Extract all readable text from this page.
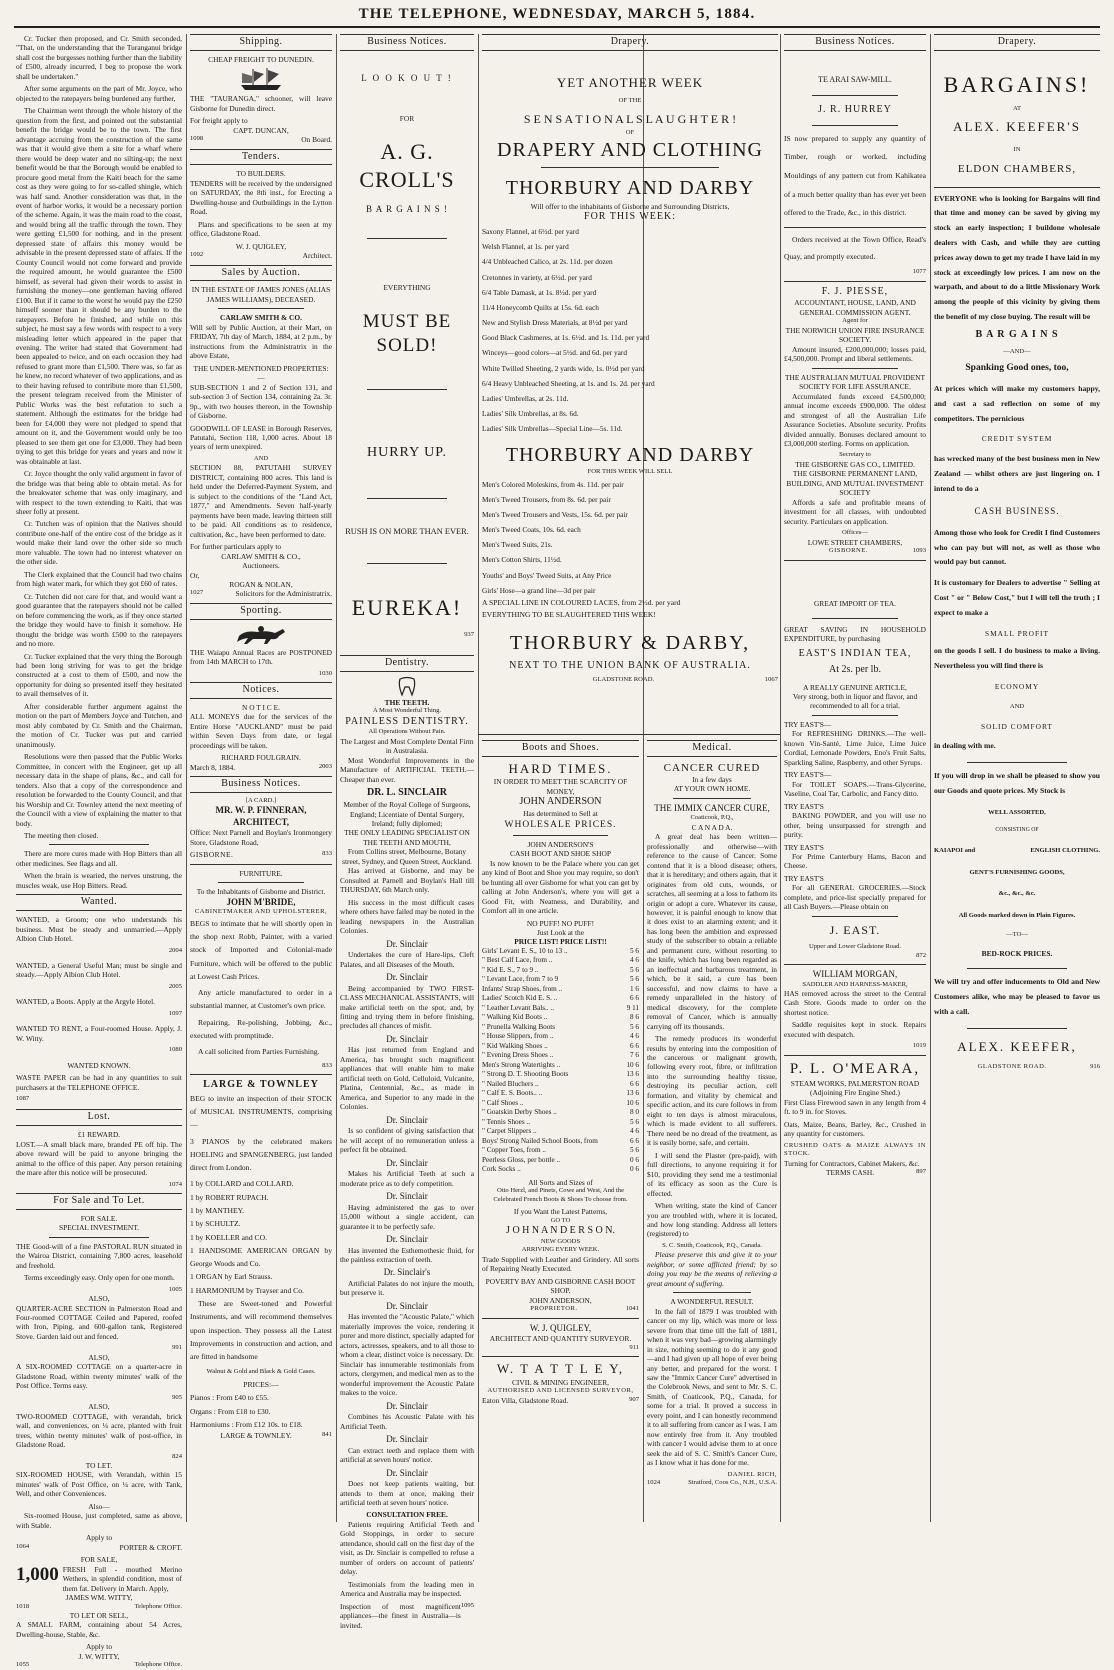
THE TELEPHONE, WEDNESDAY, MARCH 5, 1884.

Cr. Tucker then proposed, and Cr. Smith seconded, "That, on the understanding that the Turanganui bridge shall cost the burgesses nothing further than the liability of £500, already incurred, I beg to propose the work shall be undertaken."

After some arguments on the part of Mr. Joyce, who objected to the ratepayers being burdened any further,

The Chairman went through the whole history of the question from the first, and pointed out the substantial benefit the bridge would be to the town. The first advantage accruing from the construction of the same was that it would give them a site for a wharf where there would be deep water and no silting-up; the next benefit would be that the Borough would be enabled to procure good metal from the Kaiti beach for the same cost as they were going to for so-called shingle, which was half sand. Another consideration was that, in the event of harbor works, it would be a necessary portion of the scheme. Again, it was the main road to the coast, and would bring all the traffic through the town. They were getting £1,500 for nothing, and in the present depressed state of affairs this money would be advisable in the present depressed state of affairs. If the County Council would not come forward and provide the required amount, he would guarantee the £500 himself, as several had given their words to assist in furnishing the money—one gentleman having offered £100. But if it came to the worst he would pay the £250 himself sooner than it should be any burden to the ratepayers. Before he finished, and while on this subject, he must say a few words with respect to a very misleading letter which appeared in the paper that evening. The writer had stated that Government had been appealed to twice, and on each occasion they had refused to grant more than £1,500. There was, so far as he knew, no record whatever of two applications, and as to their having refused to contribute more than £1,500, the present telegram received from the Minister of Public Works was the best refutation to such a statement. Although the estimates for the bridge had been for £4,000 they were not pledged to spend that amount on it, and the Government would only be too pleased to see them get one for £3,000. They had been trying to get this bridge for years and years and now it was obtainable at last.

Cr. Joyce thought the only valid argument in favor of the bridge was that being able to obtain metal. As for the breakwater scheme that was only imaginary, and with respect to the town extending to Kaiti, that was sheer folly at present.

Cr. Tutchen was of opinion that the Natives should contribute one-half of the entire cost of the bridge as it would make their land over the other side so much more valuable. The town had no interest whatever on the other side.

The Clerk explained that the Council had two chains from high water mark, for which they got £60 of rates.

Cr. Tutchen did not care for that, and would want a good guarantee that the ratepayers should not be called on before commencing the work, as if they once started the bridge they would have to finish it somehow. He thought the bridge was worth £500 to the ratepayers and no more.

Cr. Tucker explained that the very thing the Borough had been long striving for was to get the bridge constructed at a cost to them of £500, and now the opportunity for doing so presented itself they hesitated to avail themselves of it.

After considerable further argument against the motion on the part of Members Joyce and Tutchen, and most ably combated by Cr. Smith and the Chairman, the motion of Cr. Tucker was put and carried unanimously.

Resolutions were then passed that the Public Works Committee, in concert with the Engineer, get up all necessary data in the shape of plans, &c., and call for tenders. Also that a copy of the correspondence and resolution be forwarded to the County Council, and that his Worship and Cr. Townley attend the next meeting of the Council with a view of explaining the matter to that body.

The meeting then closed.

There are more cures made with Hop Bitters than all other medicines. See flags and all.

When the brain is wearied, the nerves unstrung, the muscles weak, use Hop Bitters. Read.

Wanted.

WANTED, a Groom; one who understands his business. Must be steady and unmarried.—Apply Albion Club Hotel.

2004

WANTED, a General Useful Man; must be single and steady.—Apply Albion Club Hotel.

2005

WANTED, a Boots. Apply at the Argyle Hotel.

1097

WANTED TO RENT, a Four-roomed House. Apply, J. W. Witty.

1080
WANTED KNOWN.

WASTE PAPER can be had in any quantities to suit purchasers at the TELEPHONE OFFICE.

1087
Lost.
£1 REWARD.

LOST.—A small black mare, branded PE off hip. The above reward will be paid to anyone bringing the animal to the office of this paper. Any person retaining the mare after this notice will be prosecuted.

1074
For Sale and To Let.
FOR SALE.
SPECIAL INVESTMENT.

THE Good-will of a fine PASTORAL RUN situated in the Wairoa District, containing 7,800 acres, leasehold and freehold.

Terms exceedingly easy. Only open for one month.

1005
ALSO,

QUARTER-ACRE SECTION in Palmerston Road and Four-roomed COTTAGE Ceiled and Papered, roofed with Iron, Piping, and 600-gallon tank, Registered Stove. Garden laid out and fenced.

991
ALSO,

A SIX-ROOMED COTTAGE on a quarter-acre in Gladstone Road, within twenty minutes' walk of the Post Office. Terms easy.

905
ALSO,

TWO-ROOMED COTTAGE, with verandah, brick wall, and conveniences, on ¼ acre, planted with fruit trees, within twenty minutes' walk of post-office, in Gladstone Road.

824
TO LET.

SIX-ROOMED HOUSE, with Verandah, within 15 minutes' walk of Post Office, on ¼ acre, with Tank, Well, and other Conveniences.

Also—

Six-roomed House, just completed, same as above, with Stable.

Apply to
1064	PORTER & CROFT.
FOR SALE,
1,000 FRESH Full - mouthed Merino Wethers, in splendid condition, most of them fat. Delivery in March. Apply,
JAMES WM. WITTY,
1018	Telephone Office.
TO LET OR SELL,

A SMALL FARM, containing about 54 Acres, Dwelling-house, Stable, &c.

Apply to
J. W. WITTY,
1055	Telephone Office.
Shipping.
CHEAP FREIGHT TO DUNEDIN.

THE "TAURANGA," schooner, will leave Gisborne for Dunedin direct.

For freight apply to
CAPT. DUNCAN,
1098	On Board.
Tenders.
TO BUILDERS.

TENDERS will be received by the undersigned on SATURDAY, the 8th inst., for Erecting a Dwelling-house and Outbuildings in the Lytton Road.

Plans and specifications to be seen at my office, Gladstone Road.

W. J. QUIGLEY,
1092	Architect.
Sales by Auction.
IN THE ESTATE OF JAMES JONES (ALIAS JAMES WILLIAMS), DECEASED.
CARLAW SMITH & CO.

Will sell by Public Auction, at their Mart, on FRIDAY, 7th day of March, 1884, at 2 p.m., by instructions from the Administratrix in the above Estate,

THE UNDER-MENTIONED PROPERTIES:—

SUB-SECTION 1 and 2 of Section 131, and sub-section 3 of Section 134, containing 2a. 3r. 9p., with two houses thereon, in the Township of Gisborne.

GOODWILL OF LEASE in Borough Reserves, Patutahi, Section 118, 1,000 acres. About 18 years of term unexpired.

AND

SECTION 88, PATUTAHI SURVEY DISTRICT, containing 800 acres. This land is held under the Deferred-Payment System, and is subject to the conditions of the "Land Act, 1877," and Amendments. Seven half-yearly payments have been made, leaving thirteen still to be paid. All conditions as to residence, cultivation, &c., have been performed to date.

For further particulars apply to
CARLAW SMITH & CO.,
Auctioneers.
Or,
ROGAN & NOLAN,
1027	Solicitors for the Administratrix.
Sporting.

THE Waiapu Annual Races are POSTPONED from 14th MARCH to 17th.

1030
Notices.
N O T I C E.

ALL MONEYS due for the services of the Entire Horse "AUCKLAND" must be paid within Seven Days from date, or legal proceedings will be taken.

RICHARD FOULGRAIN.
March 8, 1884.	2003
Business Notices.
[A CARD.]
MR. W. P. FINNERAN, ARCHITECT,

Office: Next Parnell and Boylan's Ironmongery Store, Gladstone Road,

GISBORNE.	833
FURNITURE.
To the Inhabitants of Gisborne and District.
JOHN M'BRIDE,
CABINETMAKER AND UPHOLSTERER,

BEGS to intimate that he will shortly open in the shop next Robb, Painter, with a varied stock of Imported and Colonial-made Furniture, which will be offered to the public at Lowest Cash Prices.

Any article manufactured to order in a substantial manner, at Customer's own price.

Repairing, Re-polishing, Jobbing, &c., executed with promptitude.

A call solicited from Parties Furnishing.

833
LARGE & TOWNLEY

BEG to invite an inspection of their STOCK of MUSICAL INSTRUMENTS, comprising—

3 PIANOS by the celebrated makers HOELING and SPANGENBERG, just landed direct from London.

1 by COLLARD and COLLARD.
1 by ROBERT RUPACH.
1 by MANTHEY.
1 by SCHULTZ.
1 by KOELLER and CO.
1 HANDSOME AMERICAN ORGAN by George Woods and Co.
1 ORGAN by Earl Strauss.
1 HARMONIUM by Trayser and Co.

These are Sweet-toned and Powerful Instruments, and will recommend themselves upon inspection. They possess all the Latest Improvements in construction and action, and are fitted in handsome

Walnut & Gold and Black & Gold Cases.
PRICES:—
Pianos : From £40 to £55.
Organs : From £18 to £30.
Harmoniums : From £12 10s. to £18.
LARGE & TOWNLEY.	841
Business Notices.
L O O K O U T !
FOR
A. G. CROLL'S
B A R G A I N S !
EVERYTHING
MUST BE SOLD!
HURRY UP.
RUSH IS ON MORE THAN EVER.
EUREKA!
937
Dentistry.
THE TEETH.
A Most Wonderful Thing.
PAINLESS DENTISTRY.
All Operations Without Pain.
The Largest and Most Complete Dental Firm in Australasia.

Most Wonderful Improvements in the Manufacture of ARTIFICIAL TEETH.—Cheaper than ever.

DR. L. SINCLAIR
Member of the Royal College of Surgeons, England; Licentiate of Dental Surgery, Ireland; fully diplomed;
THE ONLY LEADING SPECIALIST ON THE TEETH AND MOUTH,
From Collins street, Melbourne, Botany street, Sydney, and Queen Street, Auckland.

Has arrived at Gisborne, and may be Consulted at Parnell and Boylan's Hall till THURSDAY, 6th March only.

His success in the most difficult cases where others have failed may be noted in the leading newspapers in the Australian Colonies.

Dr. Sinclair

Undertakes the cure of Hare-lips, Cleft Palates, and all Diseases of the Mouth.

Dr. Sinclair

Being accompanied by TWO FIRST-CLASS MECHANICAL ASSISTANTS, will make artificial teeth on the spot, and, by fitting and trying them in before finishing, precludes all chances of misfit.

Dr. Sinclair

Has just returned from England and America, has brought such magnificent appliances that will enable him to make artificial teeth on Gold, Celluloid, Vulcanite, Platina, Centennial, &c., as made in America, and Superior to any made in the Colonies.

Dr. Sinclair

Is so confident of giving satisfaction that he will accept of no remuneration unless a perfect fit be obtained.

Dr. Sinclair

Makes his Artificial Teeth at such a moderate price as to defy competition.

Dr. Sinclair

Having administered the gas to over 15,000 without a single accident, can guarantee it to be perfectly safe.

Dr. Sinclair

Has invented the Esthemothesic fluid, for the painless extraction of teeth.

Dr. Sinclair's

Artificial Palates do not injure the mouth, but preserve it.

Dr. Sinclair

Has invented the "Acoustic Palate," which materially improves the voice, rendering it purer and more distinct, specially adapted for actors, actresses, speakers, and to all those to whom a clear, distinct voice is necessary. Dr. Sinclair has innumerable testimonials from actors, clergymen, and medical men as to the wonderful improvement the Acoustic Palate makes to the voice.

Dr. Sinclair

Combines his Acoustic Palate with his Artificial Teeth.

Dr. Sinclair

Can extract teeth and replace them with artificial at seven hours' notice.

Dr. Sinclair

Does not keep patients waiting, but attends to them at once, making their artificial teeth at seven hours' notice.

CONSULTATION FREE.

Patients requiring Artificial Teeth and Gold Stoppings, in order to secure attendance, should call on the first day of the visit, as Dr. Sinclair is compelled to refuse a number of orders on account of patients' delay.

Testimonials from the leading men in America and Australia may be inspected.

Inspection of most magnificent appliances—the finest in Australia—is invited.
1095
Drapery.
YET ANOTHER WEEK
OF THE
S E N S A T I O N A L S L A U G H T E R !
OF
DRAPERY AND CLOTHING
THORBURY AND DARBY
Will offer to the inhabitants of Gisborne and Surrounding Districts,
FOR THIS WEEK:
Saxony Flannel, at 6½d. per yard
Welsh Flannel, at 1s. per yard
4/4 Unbleached Calico, at 2s. 11d. per dozen
Cretonnes in variety, at 6½d. per yard
6/4 Table Damask, at 1s. 8½d. per yard
11/4 Honeycomb Quilts at 15s. 6d. each
New and Stylish Dress Materials, at 8½d per yard
Good Black Cashmeres, at 1s. 6½d. and 1s. 11d. per yard
Winceys—good colors—at 5½d. and 6d. per yard
White Twilled Sheeting, 2 yards wide, 1s. 0½d per yard
6/4 Heavy Unbleached Sheeting, at 1s. and 1s. 2d. per yard
Ladies' Umbrellas, at 2s. 11d.
Ladies' Silk Umbrellas, at 8s. 6d.
Ladies' Silk Umbrellas—Special Line—5s. 11d.
THORBURY AND DARBY
FOR THIS WEEK WILL SELL
Men's Colored Moleskins, from 4s. 11d. per pair
Men's Tweed Trousers, from 8s. 6d. per pair
Men's Tweed Trousers and Vests, 15s. 6d. per pair
Men's Tweed Coats, 10s. 6d. each
Men's Tweed Suits, 21s.
Men's Cotton Shirts, 11½d.
Youths' and Boys' Tweed Suits, at Any Price
Girls' Hose—a grand line—3d per pair
A SPECIAL LINE IN COLOURED LACES, from 2½d. per yard
EVERYTHING TO BE SLAUGHTERED THIS WEEK!
THORBURY & DARBY,
NEXT TO THE UNION BANK OF AUSTRALIA.
GLADSTONE ROAD.	1067
Boots and Shoes.
HARD TIMES.
IN ORDER TO MEET THE SCARCITY OF MONEY,
JOHN ANDERSON
Has determined to Sell at
WHOLESALE PRICES.
JOHN ANDERSON'S
CASH BOOT AND SHOE SHOP

Is now known to be the Palace where you can get any kind of Boot and Shoe you may require, so don't be hunting all over Gisborne for what you can get by calling at John Anderson's, where you will get a Good Fit, with Neatness, and Durability, and Comfort all in one article.

NO PUFF! NO PUFF!
Just Look at the
PRICE LIST! PRICE LIST!!
Girls' Levant E. S., 10 to 13 ..	5 6
" Best Calf Lace, from ..	4 6
" Kid E. S., 7 to 9 ..	5 6
" Levant Lace, from 7 to 9	5 6
Infants' Strap Shoes, from ..	1 6
Ladies' Scotch Kid E. S. ..	6 6
" Leather Levant Bals.. ..	9 11
" Walking Kid Boots ..	8 6
" Prunella Walking Boots	5 6
" House Slippers, from ..	4 6
" Kid Walking Shoes ..	6 6
" Evening Dress Shoes ..	7 6
Men's Strong Watertights ..	10 6
" Strong D. T. Shooting Boots	13 6
" Nailed Bluchers ..	6 6
" Calf E. S. Boots.. ..	13 6
" Calf Shoes ..	10 6
" Goatskin Derby Shoes ..	8 0
" Tennis Shoes ..	5 6
" Carpet Slippers ..	4 6
Boys' Strong Nailed School Boots, from	6 6
" Copper Toes, from ..	5 6
Peerless Gloss, per bottle ..	0 6
Cork Socks ..	0 6
All Sorts and Sizes of
Otto Herzl, and Pinets, Cowe and West, And the Celebrated French Boots & Shoes To choose from.
If you Want the Latest Patterns,
GO TO
J O H N A N D E R S O N.
NEW GOODS
ARRIVING EVERY WEEK.

Trade Supplied with Leather and Grindery. All sorts of Repairing Neatly Executed.

POVERTY BAY AND GISBORNE CASH BOOT SHOP.
JOHN ANDERSON,
PROPRIETOR.	1041
W. J. QUIGLEY,
ARCHITECT AND QUANTITY SURVEYOR.
911
W. T A T T L E Y,
CIVIL & MINING ENGINEER,
AUTHORISED AND LICENSED SURVEYOR,
Eaton Villa, Gladstone Road.	907
Medical.
CANCER CURED
In a few days
AT YOUR OWN HOME.
THE IMMIX CANCER CURE,
Coaticook, P.Q.,
C A N A D A.

A great deal has been written—professionally and otherwise—with reference to the cause of Cancer. Some contend that it is a blood disease; others, that it is hereditary; and others again, that it originates from old cuts, wounds, or scratches, all seeming at a loss to fathom its origin or adopt a cure. Whatever its cause, however, it is painful enough to know that it does exist to an alarming extent; and it has long been the ambition and expressed study of the subscriber to obtain a reliable and permanent cure, without resorting to the knife, which has long been regarded as an ineffectual and barbarous treatment, in which, be it said, a cure has been successful, and now claims to have a remedy unparalleled in the history of medical discovery, for the complete removal of Cancer, which is annually carrying off its thousands.

The remedy produces its wonderful results by entering into the composition of the cancerous or malignant growth, following every root, fibre, or infiltration into the surrounding healthy tissue, destroying its peculiar action, cell formation, and vitality by chemical and specific action, and its cure follows in from eight to ten days is almost miraculous, which is made evident to all sufferers. There need be no dread of the treatment, as it is easily borne, safe, and certain.

I will send the Plaster (pre-paid), with full directions, to anyone requiring it for $10, providing they send me a testimonial of its efficacy as soon as the Cure is effected.

When writing, state the kind of Cancer you are troubled with, where it is located, and how long standing. Address all letters (registered) to

S. C. Smith, Coaticook, P.Q., Canada.

Please preserve this and give it to your neighbor, or some afflicted friend; by so doing you may be the means of relieving a great amount of suffering.

A WONDERFUL RESULT.

In the fall of 1879 I was troubled with cancer on my lip, which was more or less severe from that time till the fall of 1881, when it was very bad—growing alarmingly in size, nothing seeming to do it any good—and I had given up all hope of ever being any better, and prepared for the worst. I saw the "Immix Cancer Cure" advertised in the Colebrook News, and sent to Mr. S. C. Smith, of Coaticook, P.Q., Canada, for some for a trial. It proved a success in every point, and I can honestly recommend it to all suffering from cancer as I was. I am now entirely free from it. Any troubled with cancer I would advise them to at once seek the aid of S. C. Smith's Cancer Cure, as I know what it has done for me.

DANIEL RICH,
1024	Stratford, Coos Co., N.H., U.S.A.
Business Notices.
TE ARAI SAW-MILL.
J. R. HURREY

IS now prepared to supply any quantity of Timber, rough or worked, including Mouldings of any pattern cut from Kahikatea of a much better quality than has ever yet been offered to the Trade, &c., in this district.

Orders received at the Town Office, Read's Quay, and promptly executed.

1077
F. J. PIESSE,
ACCOUNTANT, HOUSE, LAND, AND GENERAL COMMISSION AGENT.
Agent for
THE NORWICH UNION FIRE INSURANCE SOCIETY.

Amount insured, £200,000,000; losses paid, £4,500,000. Prompt and liberal settlements.

THE AUSTRALIAN MUTUAL PROVIDENT SOCIETY FOR LIFE ASSURANCE.

Accumulated funds exceed £4,500,000; annual income exceeds £900,000. The oldest and strongest of all the Australian Life Assurance Societies. Absolute security. Profits divided annually. Bonuses declared amount to £3,000,000 sterling. Forms on application.

Secretary to
THE GISBORNE GAS CO., LIMITED.
THE GISBORNE PERMANENT LAND, BUILDING, AND MUTUAL INVESTMENT SOCIETY

Affords a safe and profitable means of investment for all classes, with undoubted security. Particulars on application.

Offices—
LOWE STREET CHAMBERS,
GISBORNE.	1093
GREAT IMPORT OF TEA.

GREAT SAVING IN HOUSEHOLD EXPENDITURE, by purchasing

EAST'S INDIAN TEA,
At 2s. per lb.
A REALLY GENUINE ARTICLE,
Very strong, both in liquor and flavor, and recommended to all for a trial.
TRY EAST'S—

For REFRESHING DRINKS.—The well-known Vin-Santé, Lime Juice, Lime Juice Cordial, Lemonade Powders, Eno's Fruit Salts, Sparkling Saline, Raspberry, and other Syrups.

TRY EAST'S—

For TOILET SOAPS.—Trans-Glycerine, Vaseline, Coal Tar, Carbolic, and Fancy ditto.

TRY EAST'S

BAKING POWDER, and you will use no other, being unsurpassed for strength and purity.

TRY EAST'S

For Prime Canterbury Hams, Bacon and Cheese.

TRY EAST'S

For all GENERAL GROCERIES.—Stock complete, and price-list specially prepared for all Cash Buyers.—Please obtain on

J. EAST.
Upper and Lower Gladstone Road.
872
WILLIAM MORGAN,
SADDLER AND HARNESS-MAKER,

HAS removed across the street to the Central Cash Store. Goods made to order on the shortest notice.

Saddle requisites kept in stock. Repairs executed with despatch.

1019
P. L. O'MEARA,
STEAM WORKS, PALMERSTON ROAD
(Adjoining Fire Engine Shed.)

First Class Firewood sawn in any length from 4 ft. to 9 in. for Stoves.

Oats, Maize, Beans, Barley, &c., Crushed in any quantity for customers.

CRUSHED OATS & MAIZE ALWAYS IN STOCK.
Turning for Contractors, Cabinet Makers, &c.
TERMS CASH.	897
Drapery.
BARGAINS!
AT
ALEX. KEEFER'S
IN
ELDON CHAMBERS,

EVERYONE who is looking for Bargains will find that time and money can be saved by giving my stock an early inspection; I buildone wholesale dealers with Cash, and while they are cutting prices away down to get my trade I have laid in my stock at exceedingly low prices. I am now on the warpath, and about to do a little Missionary Work among the people of this vicinity by giving them the benefit of my close buying. The result will be

B A R G A I N S
—AND—
Spanking Good ones, too,

At prices which will make my customers happy, and cast a sad reflection on some of my competitors. The pernicious

CREDIT SYSTEM

has wrecked many of the best business men in New Zealand — whilst others are just lingering on. I intend to do a

CASH BUSINESS.

Among those who look for Credit I find Customers who can pay but will not, as well as those who would pay but cannot.

It is customary for Dealers to advertise " Selling at Cost " or " Below Cost," but I will tell the truth ; I expect to make a

SMALL PROFIT

on the goods I sell. I do business to make a living. Nevertheless you will find there is

ECONOMY
AND
SOLID COMFORT
in dealing with me.

If you will drop in we shall be pleased to show you our Goods and quote prices. My Stock is

WELL ASSORTED,
CONSISTING OF
KAIAPOI and	ENGLISH CLOTHING.
GENT'S FURNISHING GOODS,
&c., &c., &c.
All Goods marked down in Plain Figures.
—TO—
BED-ROCK PRICES.

We will try and offer inducements to Old and New Customers alike, who may be pleased to favor us with a call.

ALEX. KEEFER,
GLADSTONE ROAD.	916
